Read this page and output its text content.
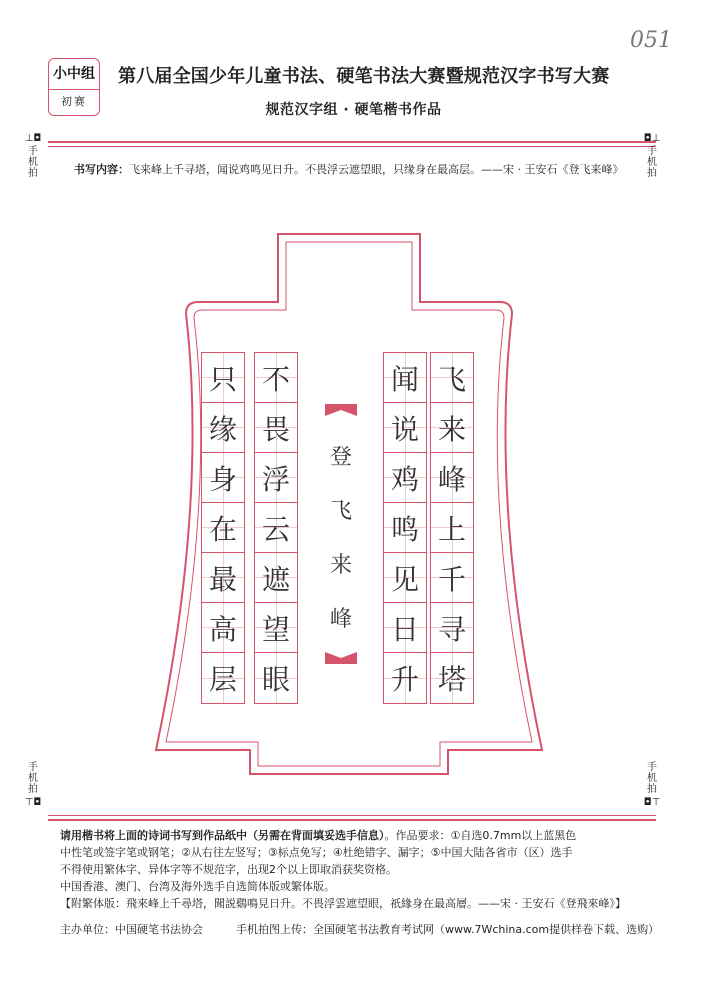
小中组
初赛
第八届全国少年儿童书法、硬笔书法大赛暨规范汉字书写大赛
规范汉字组 · 硬笔楷书作品
051
⊥◘
手机拍
◘⊥
手机拍
手机拍
⊤◘
手机拍
◘⊤
书写内容：飞来峰上千寻塔，闻说鸡鸣见日升。不畏浮云遮望眼，只缘身在最高层。——宋 · 王安石《登飞来峰》
登
飞
来
峰
飞
来
峰
上
千
寻
塔
闻
说
鸡
鸣
见
日
升
不
畏
浮
云
遮
望
眼
只
缘
身
在
最
高
层
请用楷书将上面的诗词书写到作品纸中（另需在背面填妥选手信息）。作品要求：①自选0.7mm以上蓝黑色
中性笔或签字笔或钢笔；②从右往左竖写；③标点免写；④杜绝错字、漏字；⑤中国大陆各省市（区）选手
不得使用繁体字、异体字等不规范字，出现2个以上即取消获奖资格。
中国香港、澳门、台湾及海外选手自选简体版或繁体版。
【附繁体版：飛來峰上千尋塔，聞説鷄鳴見日升。不畏浮雲遮望眼，祇緣身在最高層。——宋 · 王安石《登飛來峰》】
主办单位：中国硬笔书法协会	手机拍图上传：全国硬笔书法教育考试网（www.7Wchina.com提供样卷下载、选购）
